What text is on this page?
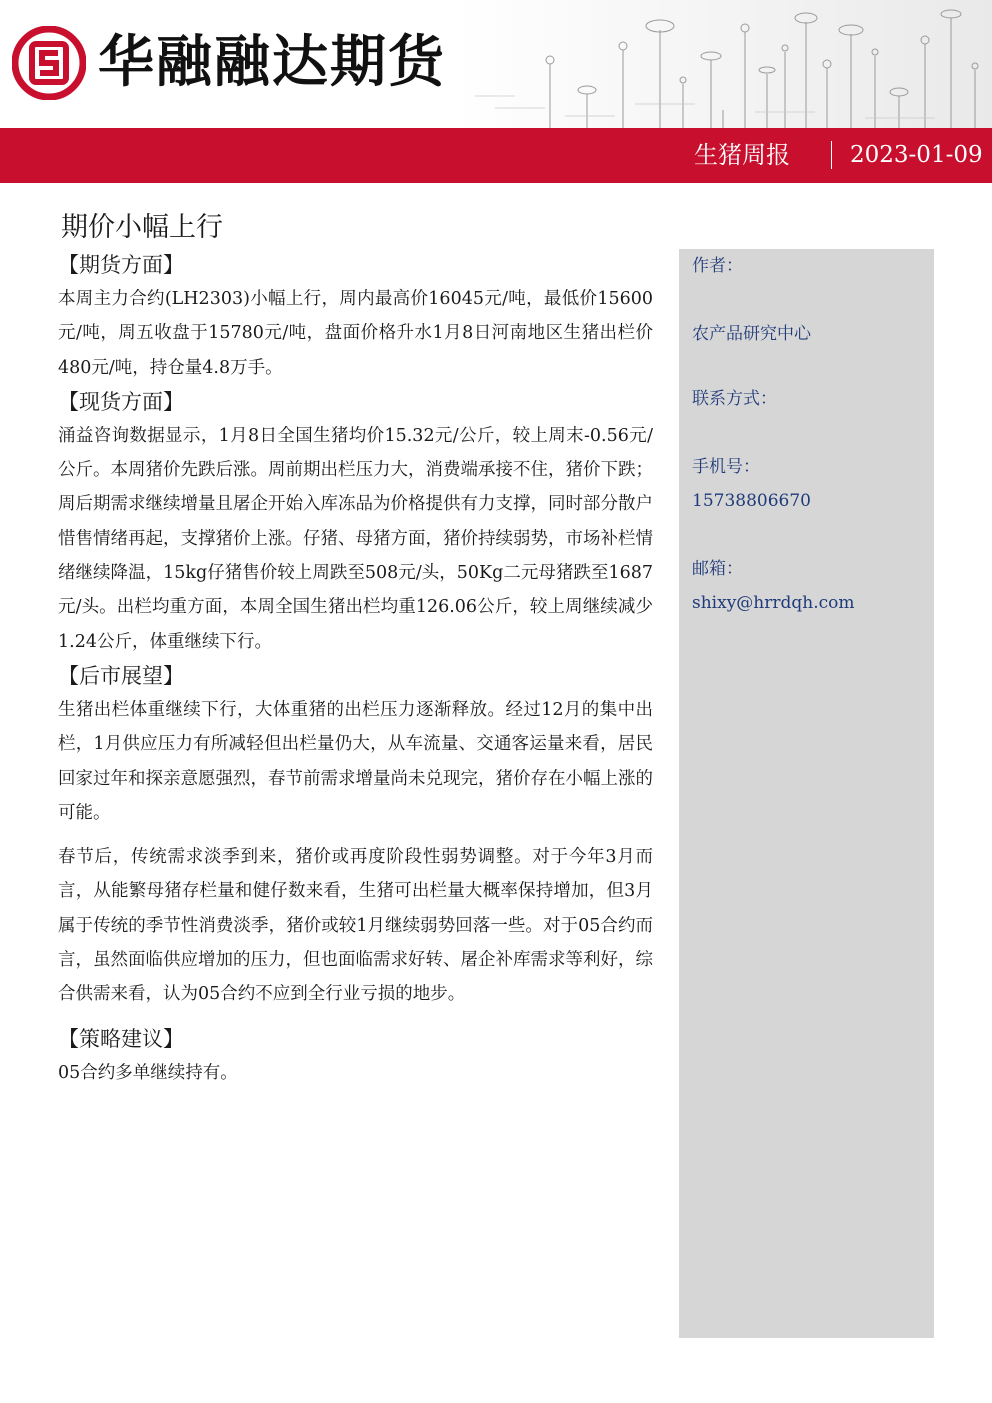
华融融达期货
生猪周报	2023-01-09
期价小幅上行
【期货方面】

本周主力合约(LH2303)小幅上行，周内最高价16045元/吨，最低价15600元/吨，周五收盘于15780元/吨，盘面价格升水1月8日河南地区生猪出栏价480元/吨，持仓量4.8万手。

【现货方面】

涌益咨询数据显示，1月8日全国生猪均价15.32元/公斤，较上周末-0.56元/公斤。本周猪价先跌后涨。周前期出栏压力大，消费端承接不住，猪价下跌；周后期需求继续增量且屠企开始入库冻品为价格提供有力支撑，同时部分散户惜售情绪再起，支撑猪价上涨。仔猪、母猪方面，猪价持续弱势，市场补栏情绪继续降温，15kg仔猪售价较上周跌至508元/头，50Kg二元母猪跌至1687元/头。出栏均重方面，本周全国生猪出栏均重126.06公斤，较上周继续减少1.24公斤，体重继续下行。

【后市展望】

生猪出栏体重继续下行，大体重猪的出栏压力逐渐释放。经过12月的集中出栏，1月供应压力有所减轻但出栏量仍大，从车流量、交通客运量来看，居民回家过年和探亲意愿强烈，春节前需求增量尚未兑现完，猪价存在小幅上涨的可能。

春节后，传统需求淡季到来，猪价或再度阶段性弱势调整。对于今年3月而言，从能繁母猪存栏量和健仔数来看，生猪可出栏量大概率保持增加，但3月属于传统的季节性消费淡季，猪价或较1月继续弱势回落一些。对于05合约而言，虽然面临供应增加的压力，但也面临需求好转、屠企补库需求等利好，综合供需来看，认为05合约不应到全行业亏损的地步。

【策略建议】

05合约多单继续持有。

作者：
农产品研究中心
联系方式：
手机号：
15738806670
邮箱：
shixy@hrrdqh.com
